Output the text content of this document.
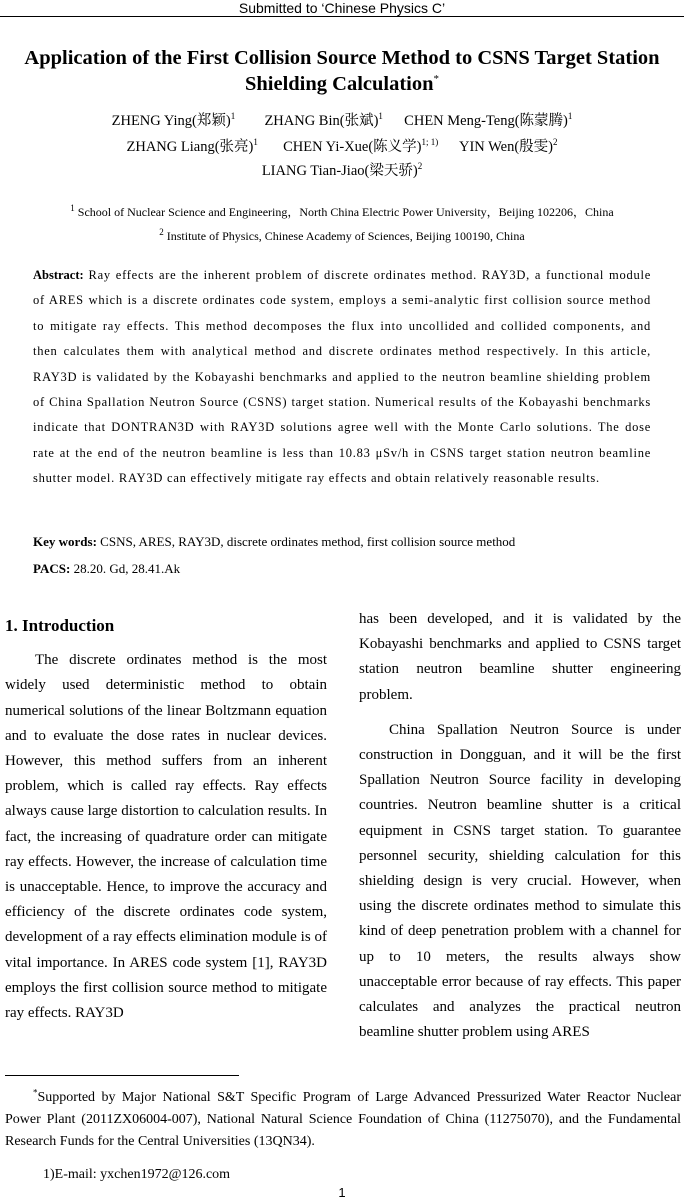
Submitted to ‘Chinese Physics C’
Application of the First Collision Source Method to CSNS Target Station
Shielding Calculation*
ZHENG Ying(郑颖)$^1$ ZHANG Bin(张斌)$^1$ CHEN Meng-Teng(陈蒙腾)$^1$
ZHANG Liang(张亮)$^1$ CHEN Yi-Xue(陈义学)$^{1; 1)}$ YIN Wen(殷雯)$^2$
LIANG Tian-Jiao(梁天骄)$^2$
$^1$ School of Nuclear Science and Engineering，North China Electric Power University，Beijing 102206，China
$^2$ Institute of Physics, Chinese Academy of Sciences, Beijing 100190, China
Abstract: Ray effects are the inherent problem of discrete ordinates method. RAY3D, a functional module of ARES which is a discrete ordinates code system, employs a semi-analytic first collision source method to mitigate ray effects. This method decomposes the flux into uncollided and collided components, and then calculates them with analytical method and discrete ordinates method respectively. In this article, RAY3D is validated by the Kobayashi benchmarks and applied to the neutron beamline shielding problem of China Spallation Neutron Source (CSNS) target station. Numerical results of the Kobayashi benchmarks indicate that DONTRAN3D with RAY3D solutions agree well with the Monte Carlo solutions. The dose rate at the end of the neutron beamline is less than 10.83 μSv/h in CSNS target station neutron beamline shutter model. RAY3D can effectively mitigate ray effects and obtain relatively reasonable results.
Key words: CSNS, ARES, RAY3D, discrete ordinates method, first collision source method
PACS: 28.20. Gd, 28.41.Ak

1. Introduction

The discrete ordinates method is the most widely used deterministic method to obtain numerical solutions of the linear Boltzmann equation and to evaluate the dose rates in nuclear devices. However, this method suffers from an inherent problem, which is called ray effects. Ray effects always cause large distortion to calculation results. In fact, the increasing of quadrature order can mitigate ray effects. However, the increase of calculation time is unacceptable. Hence, to improve the accuracy and efficiency of the discrete ordinates code system, development of a ray effects elimination module is of vital importance. In ARES code system [1], RAY3D employs the first collision source method to mitigate ray effects. RAY3D

has been developed, and it is validated by the Kobayashi benchmarks and applied to CSNS target station neutron beamline shutter engineering problem.

China Spallation Neutron Source is under construction in Dongguan, and it will be the first Spallation Neutron Source facility in developing countries. Neutron beamline shutter is a critical equipment in CSNS target station. To guarantee personnel security, shielding calculation for this shielding design is very crucial. However, when using the discrete ordinates method to simulate this kind of deep penetration problem with a channel for up to 10 meters, the results always show unacceptable error because of ray effects. This paper calculates and analyzes the practical neutron beamline shutter problem using ARES

*Supported by Major National S&T Specific Program of Large Advanced Pressurized Water Reactor Nuclear Power Plant (2011ZX06004-007), National Natural Science Foundation of China (11275070), and the Fundamental Research Funds for the Central Universities (13QN34).
1)E-mail: yxchen1972@126.com
1
